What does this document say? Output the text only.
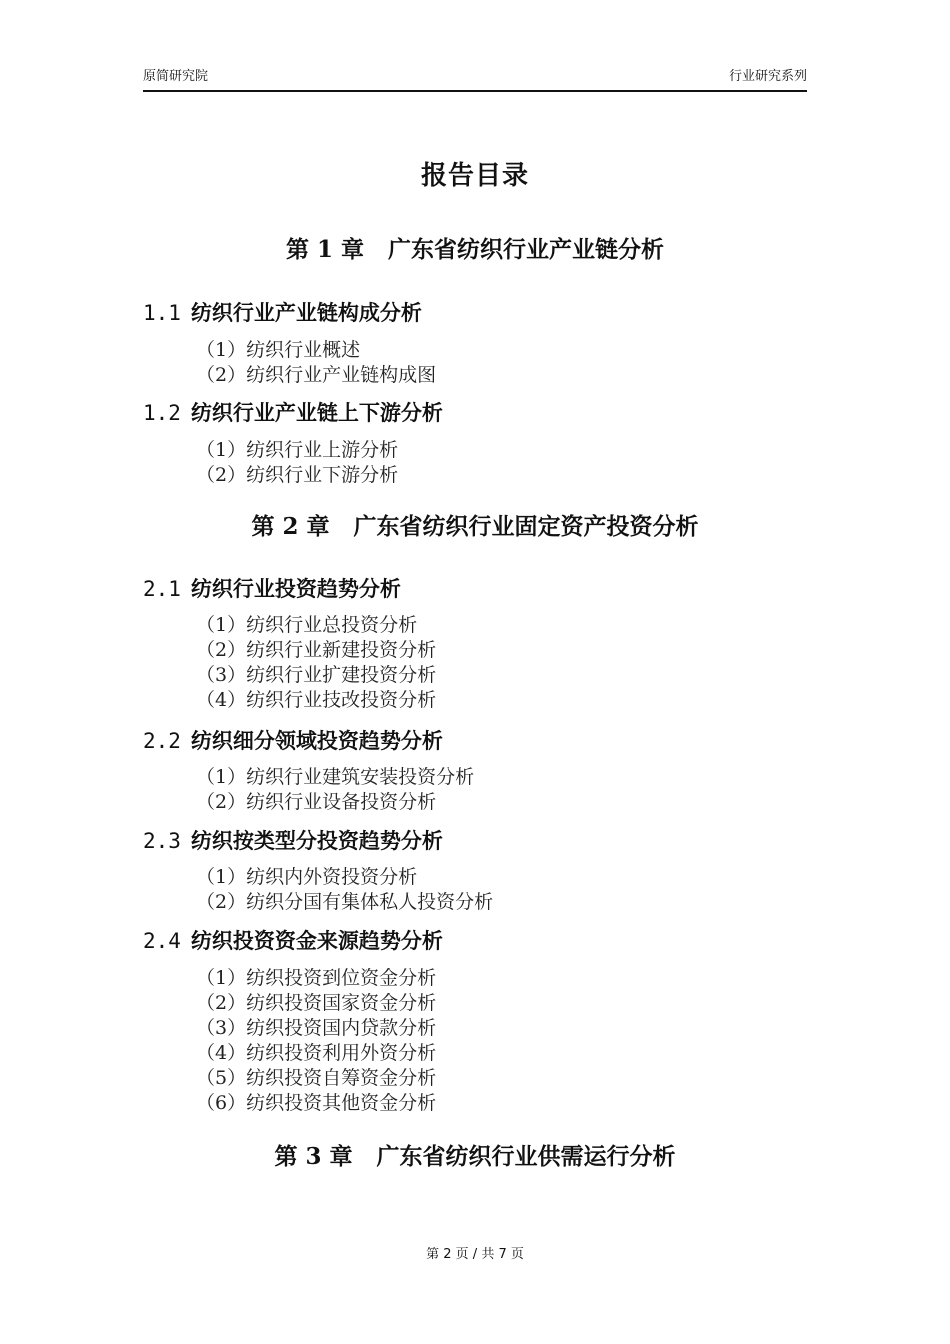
原简研究院	行业研究系列
报告目录
第 1 章 广东省纺织行业产业链分析
1.1 纺织行业产业链构成分析
（1）纺织行业概述
（2）纺织行业产业链构成图
1.2 纺织行业产业链上下游分析
（1）纺织行业上游分析
（2）纺织行业下游分析
第 2 章 广东省纺织行业固定资产投资分析
2.1 纺织行业投资趋势分析
（1）纺织行业总投资分析
（2）纺织行业新建投资分析
（3）纺织行业扩建投资分析
（4）纺织行业技改投资分析
2.2 纺织细分领域投资趋势分析
（1）纺织行业建筑安装投资分析
（2）纺织行业设备投资分析
2.3 纺织按类型分投资趋势分析
（1）纺织内外资投资分析
（2）纺织分国有集体私人投资分析
2.4 纺织投资资金来源趋势分析
（1）纺织投资到位资金分析
（2）纺织投资国家资金分析
（3）纺织投资国内贷款分析
（4）纺织投资利用外资分析
（5）纺织投资自筹资金分析
（6）纺织投资其他资金分析
第 3 章 广东省纺织行业供需运行分析
第 2 页 / 共 7 页
